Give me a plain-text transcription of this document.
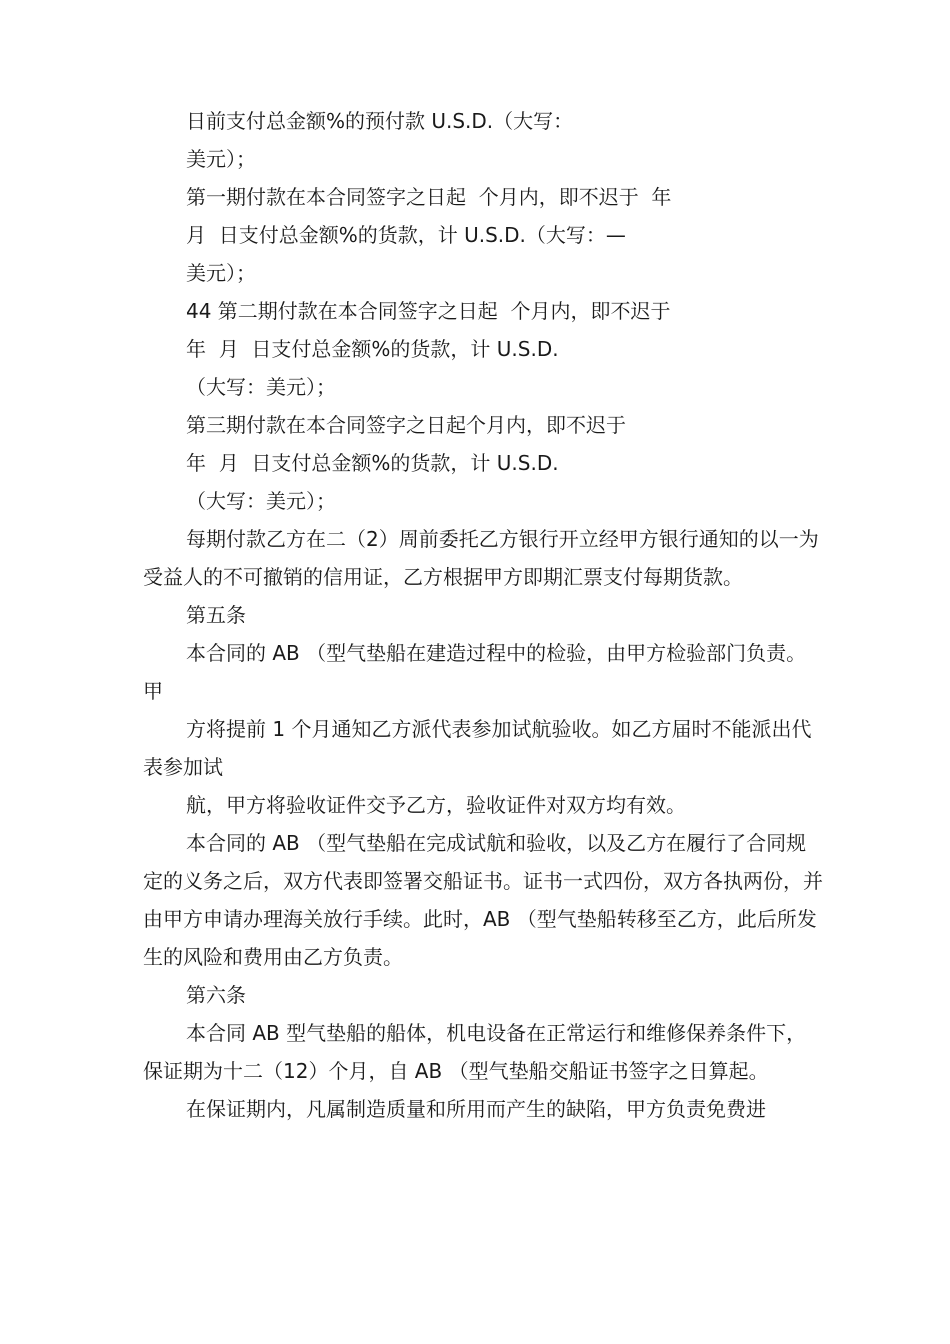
日前支付总金额%的预付款 U.S.D.（大写：

美元）；

第一期付款在本合同签字之日起  个月内，即不迟于  年

月  日支付总金额%的货款，计 U.S.D.（大写：—

美元）；

44 第二期付款在本合同签字之日起  个月内，即不迟于

年  月  日支付总金额%的货款，计 U.S.D.

（大写：美元）；

第三期付款在本合同签字之日起个月内，即不迟于

年  月  日支付总金额%的货款，计 U.S.D.

（大写：美元）；

每期付款乙方在二（2）周前委托乙方银行开立经甲方银行通知的以一为受益人的不可撤销的信用证，乙方根据甲方即期汇票支付每期货款。

第五条

本合同的 AB （型气垫船在建造过程中的检验，由甲方检验部门负责。甲

方将提前 1 个月通知乙方派代表参加试航验收。如乙方届时不能派出代表参加试

航，甲方将验收证件交予乙方，验收证件对双方均有效。

本合同的 AB （型气垫船在完成试航和验收，以及乙方在履行了合同规定的义务之后，双方代表即签署交船证书。证书一式四份，双方各执两份，并由甲方申请办理海关放行手续。此时，AB （型气垫船转移至乙方，此后所发生的风险和费用由乙方负责。

第六条

本合同 AB 型气垫船的船体，机电设备在正常运行和维修保养条件下，保证期为十二（12）个月，自 AB （型气垫船交船证书签字之日算起。

在保证期内，凡属制造质量和所用而产生的缺陷，甲方负责免费进
